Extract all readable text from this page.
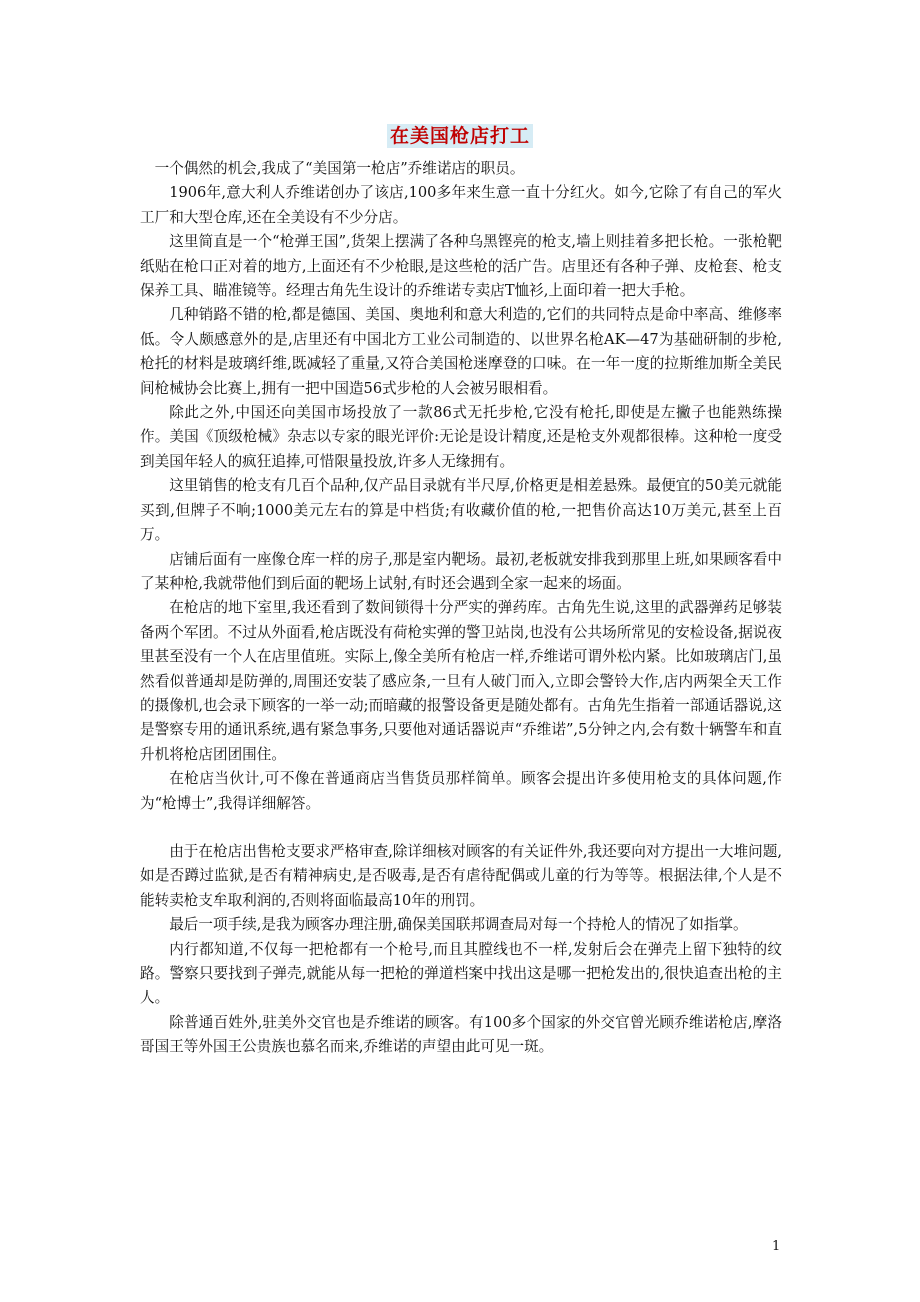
在美国枪店打工

一个偶然的机会,我成了“美国第一枪店”乔维诺店的职员。

1906年,意大利人乔维诺创办了该店,100多年来生意一直十分红火。如今,它除了有自己的军火工厂和大型仓库,还在全美设有不少分店。

这里简直是一个“枪弹王国”,货架上摆满了各种乌黑铿亮的枪支,墙上则挂着多把长枪。一张枪靶纸贴在枪口正对着的地方,上面还有不少枪眼,是这些枪的活广告。店里还有各种子弹、皮枪套、枪支保养工具、瞄准镜等。经理古角先生设计的乔维诺专卖店T恤衫,上面印着一把大手枪。

几种销路不错的枪,都是德国、美国、奥地利和意大利造的,它们的共同特点是命中率高、维修率低。令人颇感意外的是,店里还有中国北方工业公司制造的、以世界名枪AK—47为基础研制的步枪,枪托的材料是玻璃纤维,既减轻了重量,又符合美国枪迷摩登的口味。在一年一度的拉斯维加斯全美民间枪械协会比赛上,拥有一把中国造56式步枪的人会被另眼相看。

除此之外,中国还向美国市场投放了一款86式无托步枪,它没有枪托,即使是左撇子也能熟练操作。美国《顶级枪械》杂志以专家的眼光评价:无论是设计精度,还是枪支外观都很棒。这种枪一度受到美国年轻人的疯狂追捧,可惜限量投放,许多人无缘拥有。

这里销售的枪支有几百个品种,仅产品目录就有半尺厚,价格更是相差悬殊。最便宜的50美元就能买到,但牌子不响;1000美元左右的算是中档货;有收藏价值的枪,一把售价高达10万美元,甚至上百万。

店铺后面有一座像仓库一样的房子,那是室内靶场。最初,老板就安排我到那里上班,如果顾客看中了某种枪,我就带他们到后面的靶场上试射,有时还会遇到全家一起来的场面。

在枪店的地下室里,我还看到了数间锁得十分严实的弹药库。古角先生说,这里的武器弹药足够装备两个军团。不过从外面看,枪店既没有荷枪实弹的警卫站岗,也没有公共场所常见的安检设备,据说夜里甚至没有一个人在店里值班。实际上,像全美所有枪店一样,乔维诺可谓外松内紧。比如玻璃店门,虽然看似普通却是防弹的,周围还安装了感应条,一旦有人破门而入,立即会警铃大作,店内两架全天工作的摄像机,也会录下顾客的一举一动;而暗藏的报警设备更是随处都有。古角先生指着一部通话器说,这是警察专用的通讯系统,遇有紧急事务,只要他对通话器说声“乔维诺”,5分钟之内,会有数十辆警车和直升机将枪店团团围住。

在枪店当伙计,可不像在普通商店当售货员那样简单。顾客会提出许多使用枪支的具体问题,作为“枪博士”,我得详细解答。

由于在枪店出售枪支要求严格审查,除详细核对顾客的有关证件外,我还要向对方提出一大堆问题,如是否蹲过监狱,是否有精神病史,是否吸毒,是否有虐待配偶或儿童的行为等等。根据法律,个人是不能转卖枪支牟取利润的,否则将面临最高10年的刑罚。

最后一项手续,是我为顾客办理注册,确保美国联邦调查局对每一个持枪人的情况了如指掌。

内行都知道,不仅每一把枪都有一个枪号,而且其膛线也不一样,发射后会在弹壳上留下独特的纹路。警察只要找到子弹壳,就能从每一把枪的弹道档案中找出这是哪一把枪发出的,很快追查出枪的主人。

除普通百姓外,驻美外交官也是乔维诺的顾客。有100多个国家的外交官曾光顾乔维诺枪店,摩洛哥国王等外国王公贵族也慕名而来,乔维诺的声望由此可见一斑。

1
